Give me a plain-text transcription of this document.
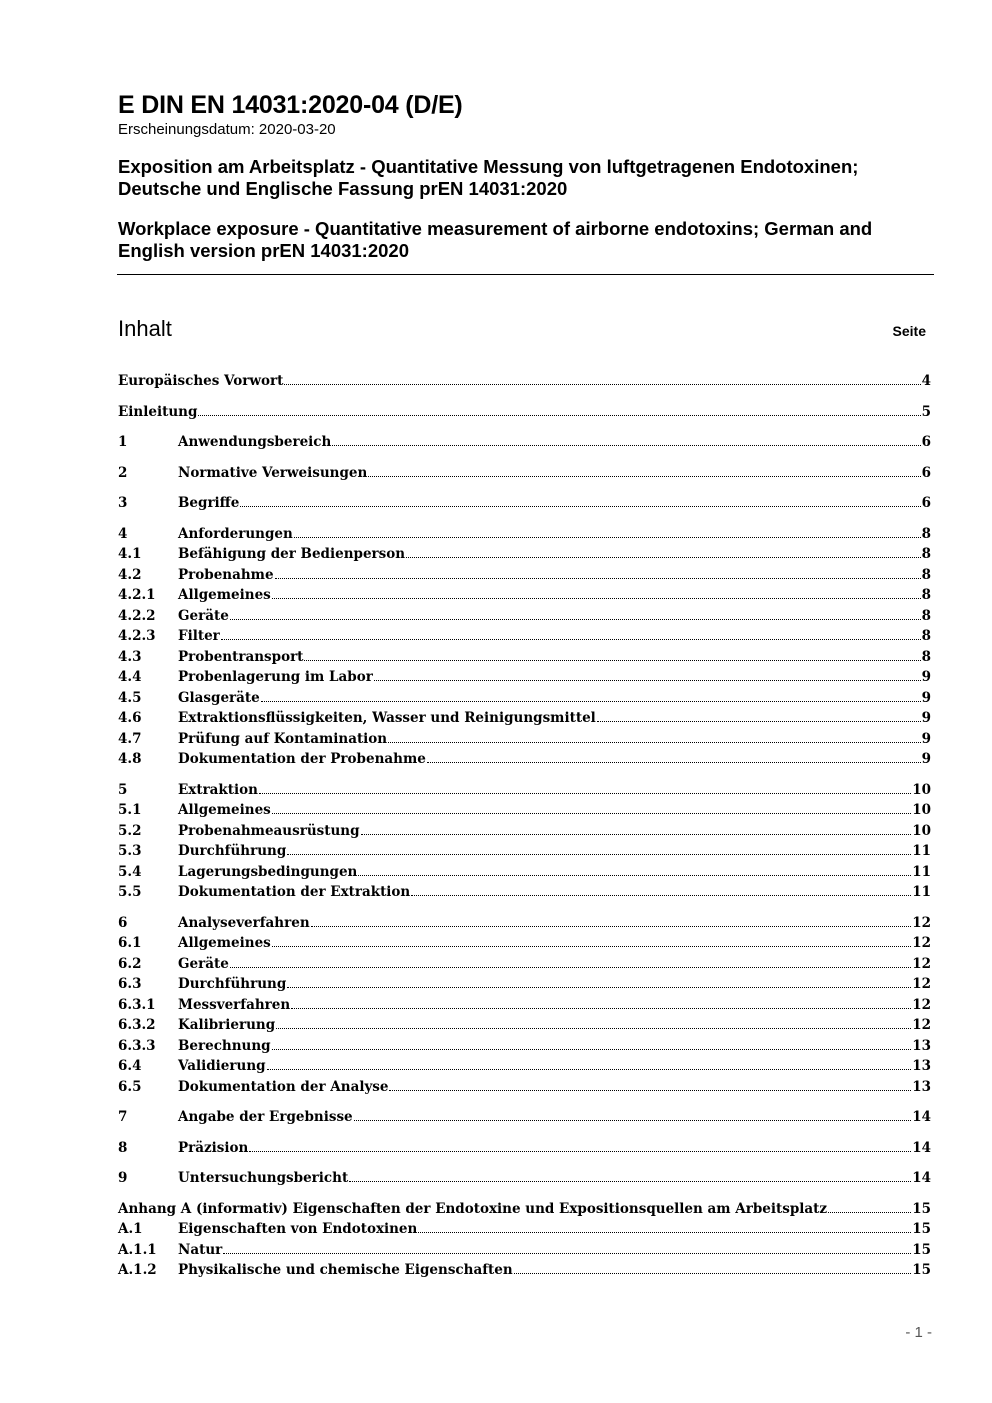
E DIN EN 14031:2020-04 (D/E)
Erscheinungsdatum: 2020-03-20
Exposition am Arbeitsplatz - Quantitative Messung von luftgetragenen Endotoxinen; Deutsche und Englische Fassung prEN 14031:2020
Workplace exposure - Quantitative measurement of airborne endotoxins; German and English version prEN 14031:2020
Inhalt	Seite
Europäisches Vorwort	4
Einleitung	5
1	Anwendungsbereich	6
2	Normative Verweisungen	6
3	Begriffe	6
4	Anforderungen	8
4.1	Befähigung der Bedienperson	8
4.2	Probenahme	8
4.2.1	Allgemeines	8
4.2.2	Geräte	8
4.2.3	Filter	8
4.3	Probentransport	8
4.4	Probenlagerung im Labor	9
4.5	Glasgeräte	9
4.6	Extraktionsflüssigkeiten, Wasser und Reinigungsmittel	9
4.7	Prüfung auf Kontamination	9
4.8	Dokumentation der Probenahme	9
5	Extraktion	10
5.1	Allgemeines	10
5.2	Probenahmeausrüstung	10
5.3	Durchführung	11
5.4	Lagerungsbedingungen	11
5.5	Dokumentation der Extraktion	11
6	Analyseverfahren	12
6.1	Allgemeines	12
6.2	Geräte	12
6.3	Durchführung	12
6.3.1	Messverfahren	12
6.3.2	Kalibrierung	12
6.3.3	Berechnung	13
6.4	Validierung	13
6.5	Dokumentation der Analyse	13
7	Angabe der Ergebnisse	14
8	Präzision	14
9	Untersuchungsbericht	14
Anhang A (informativ) Eigenschaften der Endotoxine und Expositionsquellen am Arbeitsplatz	15
A.1	Eigenschaften von Endotoxinen	15
A.1.1	Natur	15
A.1.2	Physikalische und chemische Eigenschaften	15
- 1 -
